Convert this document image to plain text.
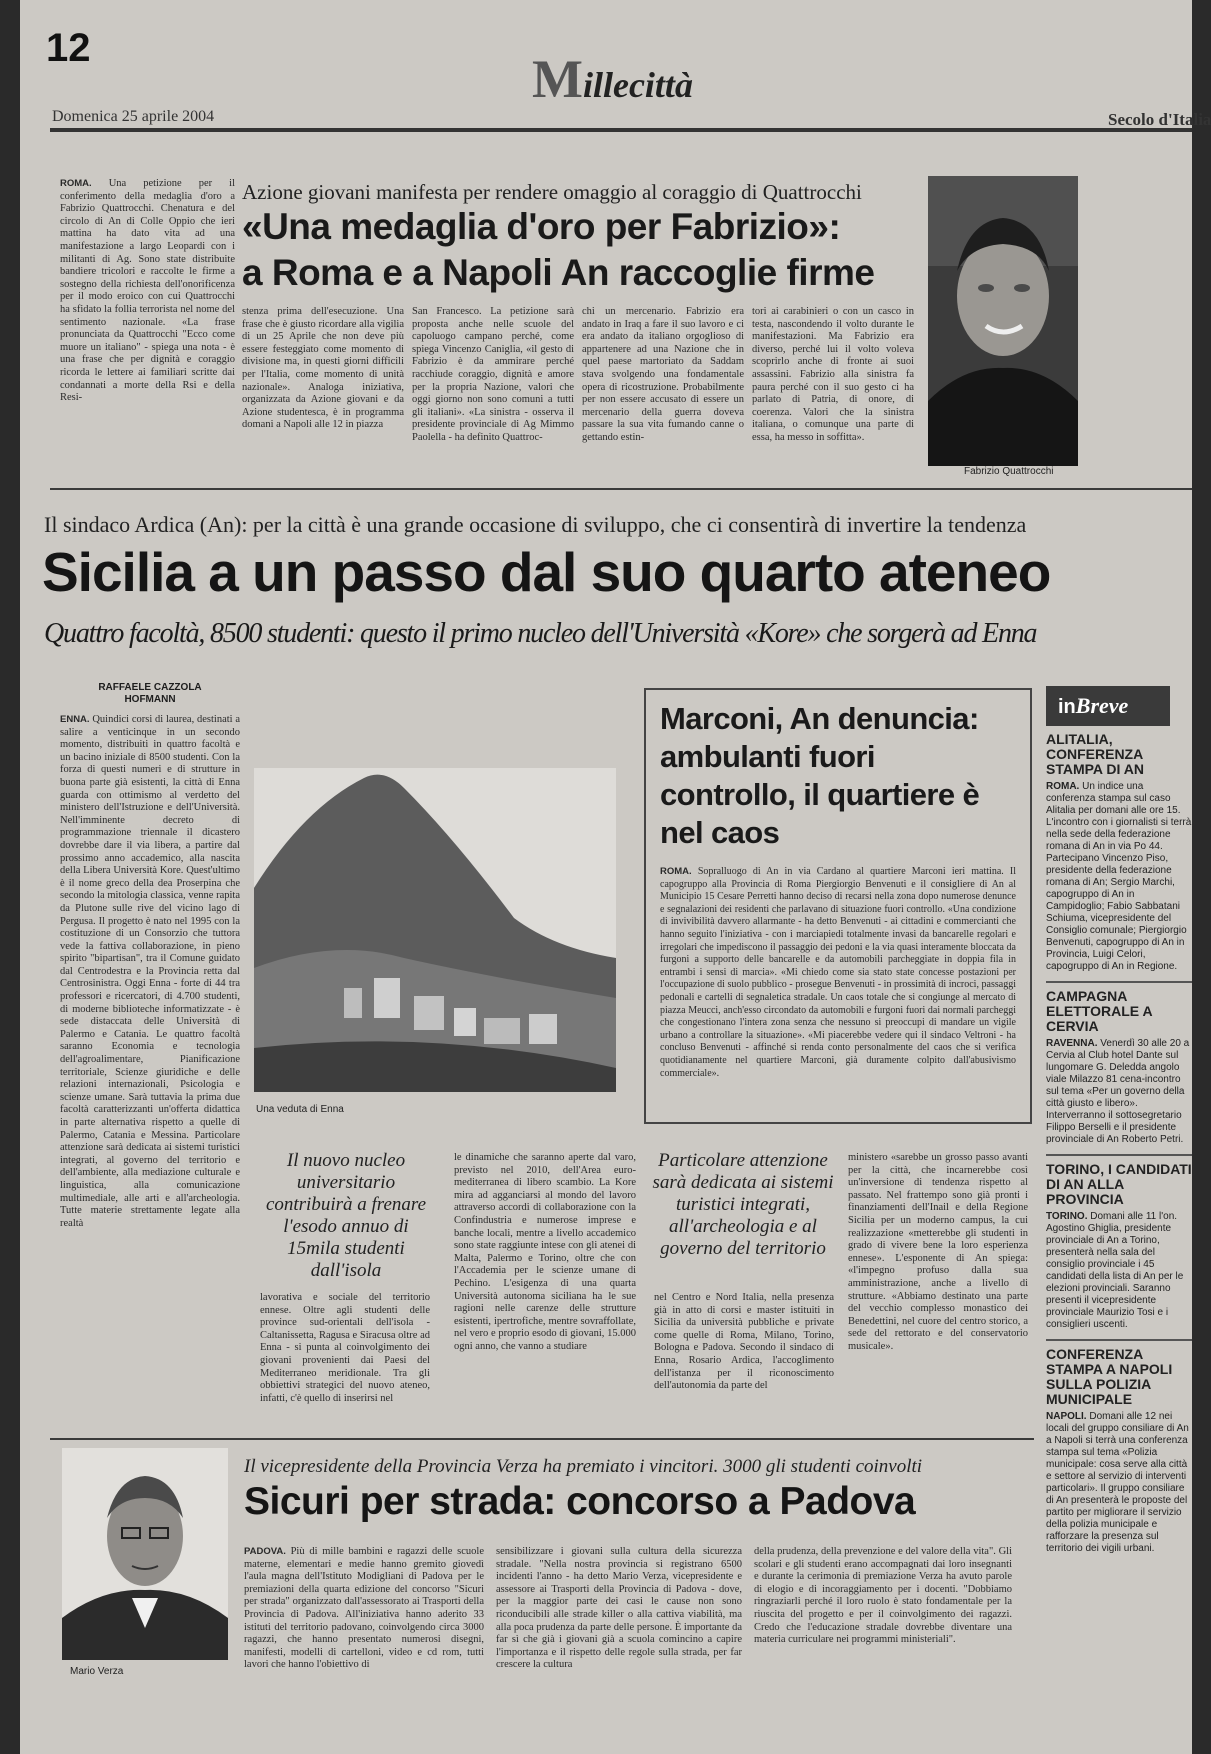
12
Millecittà
Domenica 25 aprile 2004	Secolo d'Italia
ROMA. Una petizione per il conferimento della medaglia d'oro a Fabrizio Quattrocchi. Chenatura e del circolo di An di Colle Oppio che ieri mattina ha dato vita ad una manifestazione a largo Leopardi con i militanti di Ag. Sono state distribuite bandiere tricolori e raccolte le firme a sostegno della richiesta dell'onorificenza per il modo eroico con cui Quattrocchi ha sfidato la follia terrorista nel nome del sentimento nazionale. «La frase pronunciata da Quattrocchi "Ecco come muore un italiano" - spiega una nota - è una frase che per dignità e coraggio ricorda le lettere ai familiari scritte dai condannati a morte della Rsi e della Resi-
Azione giovani manifesta per rendere omaggio al coraggio di Quattrocchi
«Una medaglia d'oro per Fabrizio»:
a Roma e a Napoli An raccoglie firme
stenza prima dell'esecuzione. Una frase che è giusto ricordare alla vigilia di un 25 Aprile che non deve più essere festeggiato come momento di divisione ma, in questi giorni difficili per l'Italia, come momento di unità nazionale». Analoga iniziativa, organizzata da Azione giovani e da Azione studentesca, è in programma domani a Napoli alle 12 in piazza
San Francesco. La petizione sarà proposta anche nelle scuole del capoluogo campano perché, come spiega Vincenzo Caniglia, «il gesto di Fabrizio è da ammirare perché racchiude coraggio, dignità e amore per la propria Nazione, valori che oggi giorno non sono comuni a tutti gli italiani». «La sinistra - osserva il presidente provinciale di Ag Mimmo Paolella - ha definito Quattroc-
chi un mercenario. Fabrizio era andato in Iraq a fare il suo lavoro e ci era andato da italiano orgoglioso di appartenere ad una Nazione che in quel paese martoriato da Saddam stava svolgendo una fondamentale opera di ricostruzione. Probabilmente per non essere accusato di essere un mercenario della guerra doveva passare la sua vita fumando canne o gettando estin-
tori ai carabinieri o con un casco in testa, nascondendo il volto durante le manifestazioni. Ma Fabrizio era diverso, perché lui il volto voleva scoprirlo anche di fronte ai suoi assassini. Fabrizio alla sinistra fa paura perché con il suo gesto ci ha parlato di Patria, di onore, di coerenza. Valori che la sinistra italiana, o comunque una parte di essa, ha messo in soffitta».
Fabrizio Quattrocchi
Il sindaco Ardica (An): per la città è una grande occasione di sviluppo, che ci consentirà di invertire la tendenza
Sicilia a un passo dal suo quarto ateneo
Quattro facoltà, 8500 studenti: questo il primo nucleo dell'Università «Kore» che sorgerà ad Enna
RAFFAELE CAZZOLA
HOFMANN
ENNA. Quindici corsi di laurea, destinati a salire a venticinque in un secondo momento, distribuiti in quattro facoltà e un bacino iniziale di 8500 studenti. Con la forza di questi numeri e di strutture in buona parte già esistenti, la città di Enna guarda con ottimismo al verdetto del ministero dell'Istruzione e dell'Università. Nell'imminente decreto di programmazione triennale il dicastero dovrebbe dare il via libera, a partire dal prossimo anno accademico, alla nascita della Libera Università Kore. Quest'ultimo è il nome greco della dea Proserpina che secondo la mitologia classica, venne rapita da Plutone sulle rive del vicino lago di Pergusa. Il progetto è nato nel 1995 con la costituzione di un Consorzio che tuttora vede la fattiva collaborazione, in pieno spirito "bipartisan", tra il Comune guidato dal Centrodestra e la Provincia retta dal Centrosinistra. Oggi Enna - forte di 44 tra professori e ricercatori, di 4.700 studenti, di moderne biblioteche informatizzate - è sede distaccata delle Università di Palermo e Catania. Le quattro facoltà saranno Economia e tecnologia dell'agroalimentare, Pianificazione territoriale, Scienze giuridiche e delle relazioni internazionali, Psicologia e scienze umane. Sarà tuttavia la prima due facoltà caratterizzanti un'offerta didattica in parte alternativa rispetto a quelle di Palermo, Catania e Messina. Particolare attenzione sarà dedicata ai sistemi turistici integrati, al governo del territorio e dell'ambiente, alla mediazione culturale e linguistica, alla comunicazione multimediale, alle arti e all'archeologia. Tutte materie strettamente legate alla realtà
Una veduta di Enna
Il nuovo nucleo universitario contribuirà a frenare l'esodo annuo di 15mila studenti dall'isola
lavorativa e sociale del territorio ennese. Oltre agli studenti delle province sud-orientali dell'isola - Caltanissetta, Ragusa e Siracusa oltre ad Enna - si punta al coinvolgimento dei giovani provenienti dai Paesi del Mediterraneo meridionale. Tra gli obbiettivi strategici del nuovo ateneo, infatti, c'è quello di inserirsi nel
le dinamiche che saranno aperte dal varo, previsto nel 2010, dell'Area euro-mediterranea di libero scambio. La Kore mira ad agganciarsi al mondo del lavoro attraverso accordi di collaborazione con la Confindustria e numerose imprese e banche locali, mentre a livello accademico sono state raggiunte intese con gli atenei di Malta, Palermo e Torino, oltre che con l'Accademia per le scienze umane di Pechino. L'esigenza di una quarta Università autonoma siciliana ha le sue ragioni nelle carenze delle strutture esistenti, ipertrofiche, mentre sovraffollate, nel vero e proprio esodo di giovani, 15.000 ogni anno, che vanno a studiare
Particolare attenzione sarà dedicata ai sistemi turistici integrati, all'archeologia e al governo del territorio
nel Centro e Nord Italia, nella presenza già in atto di corsi e master istituiti in Sicilia da università pubbliche e private come quelle di Roma, Milano, Torino, Bologna e Padova. Secondo il sindaco di Enna, Rosario Ardica, l'accoglimento dell'istanza per il riconoscimento dell'autonomia da parte del
ministero «sarebbe un grosso passo avanti per la città, che incarnerebbe così un'inversione di tendenza rispetto al passato. Nel frattempo sono già pronti i finanziamenti dell'Inail e della Regione Sicilia per un moderno campus, la cui realizzazione «metterebbe gli studenti in grado di vivere bene la loro esperienza ennese». L'esponente di An spiega: «l'impegno profuso dalla sua amministrazione, anche a livello di strutture. «Abbiamo destinato una parte del vecchio complesso monastico dei Benedettini, nel cuore del centro storico, a sede del rettorato e del conservatorio musicale».
Marconi, An denuncia: ambulanti fuori controllo, il quartiere è nel caos
ROMA. Sopralluogo di An in via Cardano al quartiere Marconi ieri mattina. Il capogruppo alla Provincia di Roma Piergiorgio Benvenuti e il consigliere di An al Municipio 15 Cesare Perretti hanno deciso di recarsi nella zona dopo numerose denunce e segnalazioni dei residenti che parlavano di situazione fuori controllo. «Una condizione di invivibilità davvero allarmante - ha detto Benvenuti - ai cittadini e commercianti che hanno seguito l'iniziativa - con i marciapiedi totalmente invasi da bancarelle regolari e irregolari che impediscono il passaggio dei pedoni e la via quasi interamente bloccata da furgoni a supporto delle bancarelle e da automobili parcheggiate in doppia fila in entrambi i sensi di marcia». «Mi chiedo come sia stato state concesse postazioni per l'occupazione di suolo pubblico - prosegue Benvenuti - in prossimità di incroci, passaggi pedonali e cartelli di segnaletica stradale. Un caos totale che si congiunge al mercato di piazza Meucci, anch'esso circondato da automobili e furgoni fuori dai normali parcheggi che congestionano l'intera zona senza che nessuno si preoccupi di mandare un vigile urbano a controllare la situazione». «Mi piacerebbe vedere qui il sindaco Veltroni - ha concluso Benvenuti - affinché si renda conto personalmente del caos che si verifica quotidianamente nel quartiere Marconi, già duramente colpito dall'abusivismo commerciale».
inBreve
ALITALIA, CONFERENZA STAMPA DI AN
ROMA. Un indice una conferenza stampa sul caso Alitalia per domani alle ore 15. L'incontro con i giornalisti si terrà nella sede della federazione romana di An in via Po 44. Partecipano Vincenzo Piso, presidente della federazione romana di An; Sergio Marchi, capogruppo di An in Campidoglio; Fabio Sabbatani Schiuma, vicepresidente del Consiglio comunale; Piergiorgio Benvenuti, capogruppo di An in Provincia, Luigi Celori, capogruppo di An in Regione.
CAMPAGNA ELETTORALE A CERVIA
RAVENNA. Venerdì 30 alle 20 a Cervia al Club hotel Dante sul lungomare G. Deledda angolo viale Milazzo 81 cena-incontro sul tema «Per un governo della città giusto e libero». Interverranno il sottosegretario Filippo Berselli e il presidente provinciale di An Roberto Petri.
TORINO, I CANDIDATI DI AN ALLA PROVINCIA
TORINO. Domani alle 11 l'on. Agostino Ghiglia, presidente provinciale di An a Torino, presenterà nella sala del consiglio provinciale i 45 candidati della lista di An per le elezioni provinciali. Saranno presenti il vicepresidente provinciale Maurizio Tosi e i consiglieri uscenti.
CONFERENZA STAMPA A NAPOLI SULLA POLIZIA MUNICIPALE
NAPOLI. Domani alle 12 nei locali del gruppo consiliare di An a Napoli si terrà una conferenza stampa sul tema «Polizia municipale: cosa serve alla città e settore al servizio di interventi particolari». Il gruppo consiliare di An presenterà le proposte del partito per migliorare il servizio della polizia municipale e rafforzare la presenza sul territorio dei vigili urbani.
Mario Verza
Il vicepresidente della Provincia Verza ha premiato i vincitori. 3000 gli studenti coinvolti
Sicuri per strada: concorso a Padova
PADOVA. Più di mille bambini e ragazzi delle scuole materne, elementari e medie hanno gremito giovedì l'aula magna dell'Istituto Modigliani di Padova per le premiazioni della quarta edizione del concorso "Sicuri per strada" organizzato dall'assessorato ai Trasporti della Provincia di Padova. All'iniziativa hanno aderito 33 istituti del territorio padovano, coinvolgendo circa 3000 ragazzi, che hanno presentato numerosi disegni, manifesti, modelli di cartelloni, video e cd rom, tutti lavori che hanno l'obiettivo di
sensibilizzare i giovani sulla cultura della sicurezza stradale. "Nella nostra provincia si registrano 6500 incidenti l'anno - ha detto Mario Verza, vicepresidente e assessore ai Trasporti della Provincia di Padova - dove, per la maggior parte dei casi le cause non sono riconducibili alle strade killer o alla cattiva viabilità, ma alla poca prudenza da parte delle persone. È importante da far sì che già i giovani già a scuola comincino a capire l'importanza e il rispetto delle regole sulla strada, per far crescere la cultura
della prudenza, della prevenzione e del valore della vita". Gli scolari e gli studenti erano accompagnati dai loro insegnanti e durante la cerimonia di premiazione Verza ha avuto parole di elogio e di incoraggiamento per i docenti. "Dobbiamo ringraziarli perché il loro ruolo è stato fondamentale per la riuscita del progetto e per il coinvolgimento dei ragazzi. Credo che l'educazione stradale dovrebbe diventare una materia curriculare nei programmi ministeriali".
